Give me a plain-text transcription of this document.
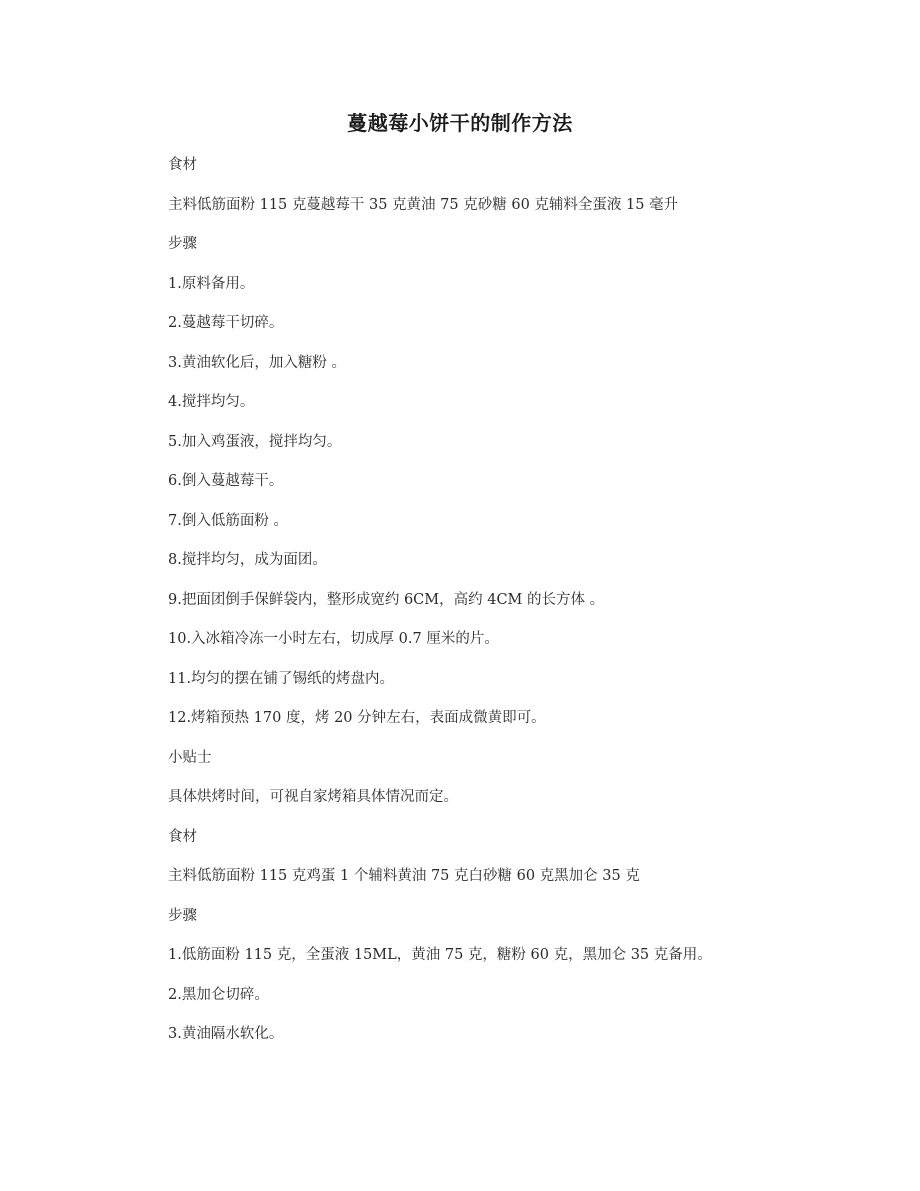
蔓越莓小饼干的制作方法
食材
主料低筋面粉 115 克蔓越莓干 35 克黄油 75 克砂糖 60 克辅料全蛋液 15 毫升
步骤
1.原料备用。
2.蔓越莓干切碎。
3.黄油软化后，加入糖粉 。
4.搅拌均匀。
5.加入鸡蛋液，搅拌均匀。
6.倒入蔓越莓干。
7.倒入低筋面粉 。
8.搅拌均匀，成为面团。
9.把面团倒手保鲜袋内，整形成宽约 6CM，高约 4CM 的长方体 。
10.入冰箱冷冻一小时左右，切成厚 0.7 厘米的片。
11.均匀的摆在铺了锡纸的烤盘内。
12.烤箱预热 170 度，烤 20 分钟左右，表面成微黄即可。
小贴士
具体烘烤时间，可视自家烤箱具体情况而定。
食材
主料低筋面粉 115 克鸡蛋 1 个辅料黄油 75 克白砂糖 60 克黑加仑 35 克
步骤
1.低筋面粉 115 克，全蛋液 15ML，黄油 75 克，糖粉 60 克，黑加仑 35 克备用。
2.黑加仑切碎。
3.黄油隔水软化。
